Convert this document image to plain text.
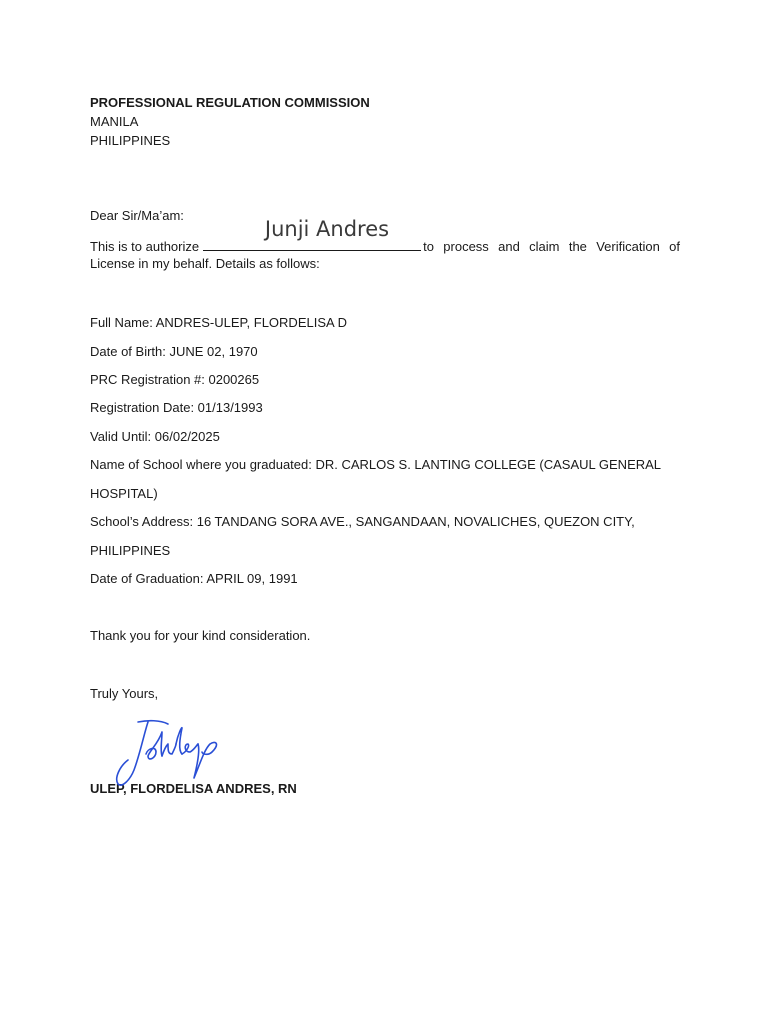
PROFESSIONAL REGULATION COMMISSION
MANILA
PHILIPPINES
Dear Sir/Ma’am:
Junji Andres
This is to authorize	to process and claim the Verification of
License in my behalf. Details as follows:
Full Name: ANDRES-ULEP, FLORDELISA D
Date of Birth: JUNE 02, 1970
PRC Registration #: 0200265
Registration Date: 01/13/1993
Valid Until: 06/02/2025
Name of School where you graduated: DR. CARLOS S. LANTING COLLEGE (CASAUL GENERAL
HOSPITAL)
School’s Address: 16 TANDANG SORA AVE., SANGANDAAN, NOVALICHES, QUEZON CITY,
PHILIPPINES
Date of Graduation: APRIL 09, 1991
Thank you for your kind consideration.
Truly Yours,
ULEP, FLORDELISA ANDRES, RN
